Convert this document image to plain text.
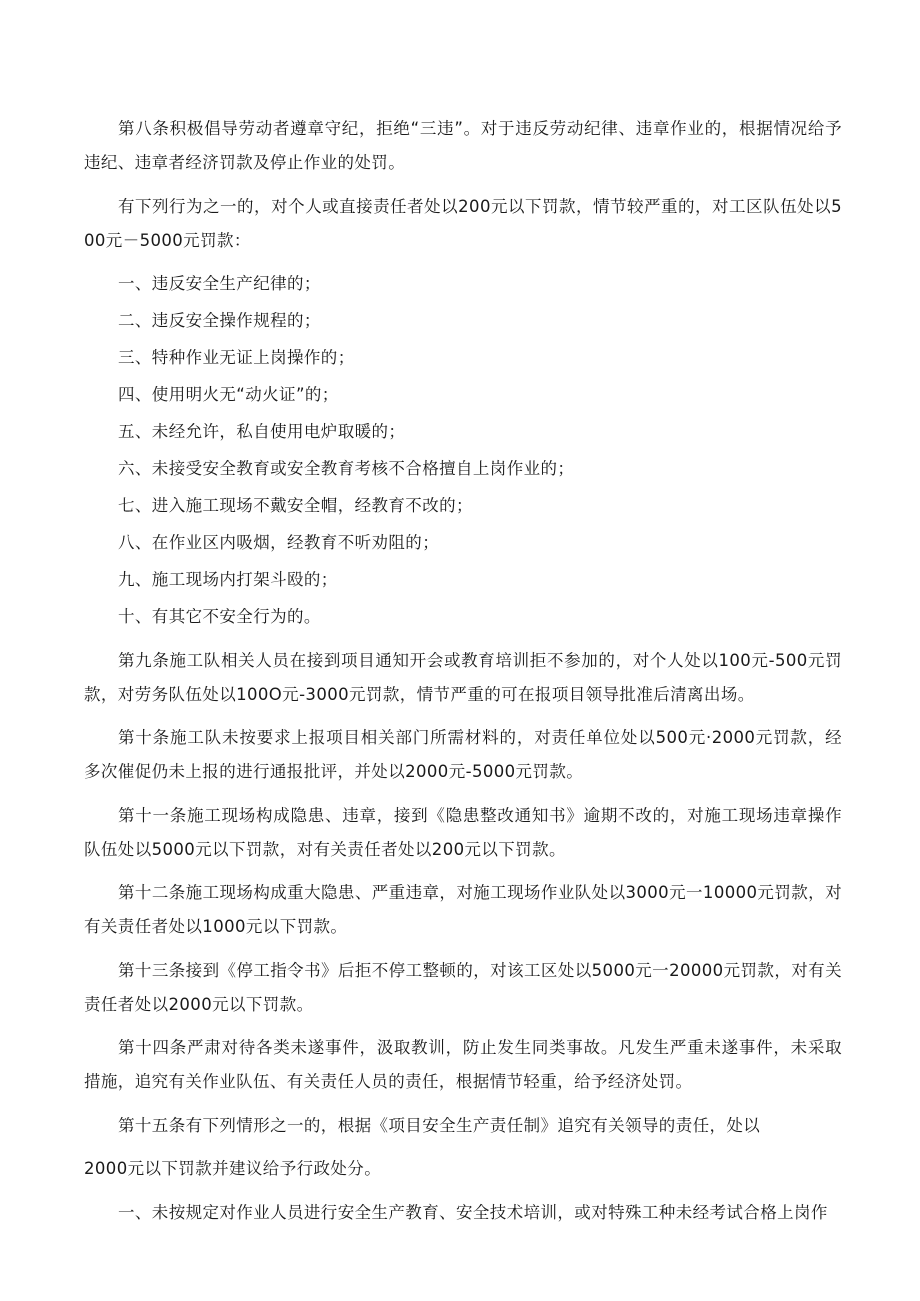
第八条积极倡导劳动者遵章守纪，拒绝“三违”。对于违反劳动纪律、违章作业的，根据情况给予违纪、违章者经济罚款及停止作业的处罚。

有下列行为之一的，对个人或直接责任者处以200元以下罚款，情节较严重的，对工区队伍处以500元－5000元罚款：

一、违反安全生产纪律的；

二、违反安全操作规程的；

三、特种作业无证上岗操作的；

四、使用明火无“动火证”的；

五、未经允许，私自使用电炉取暖的；

六、未接受安全教育或安全教育考核不合格擅自上岗作业的；

七、进入施工现场不戴安全帽，经教育不改的；

八、在作业区内吸烟，经教育不听劝阻的；

九、施工现场内打架斗殴的；

十、有其它不安全行为的。

第九条施工队相关人员在接到项目通知开会或教育培训拒不参加的，对个人处以100元-500元罚款，对劳务队伍处以100O元-3000元罚款，情节严重的可在报项目领导批准后清离出场。

第十条施工队未按要求上报项目相关部门所需材料的，对责任单位处以500元·2000元罚款，经多次催促仍未上报的进行通报批评，并处以2000元-5000元罚款。

第十一条施工现场构成隐患、违章，接到《隐患整改通知书》逾期不改的，对施工现场违章操作队伍处以5000元以下罚款，对有关责任者处以200元以下罚款。

第十二条施工现场构成重大隐患、严重违章，对施工现场作业队处以3000元一10000元罚款，对有关责任者处以1000元以下罚款。

第十三条接到《停工指令书》后拒不停工整顿的，对该工区处以5000元一20000元罚款，对有关责任者处以2000元以下罚款。

第十四条严肃对待各类未遂事件，汲取教训，防止发生同类事故。凡发生严重未遂事件，未采取措施，追究有关作业队伍、有关责任人员的责任，根据情节轻重，给予经济处罚。

第十五条有下列情形之一的，根据《项目安全生产责任制》追究有关领导的责任，处以

2000元以下罚款并建议给予行政处分。

一、未按规定对作业人员进行安全生产教育、安全技术培训，或对特殊工种未经考试合格上岗作
